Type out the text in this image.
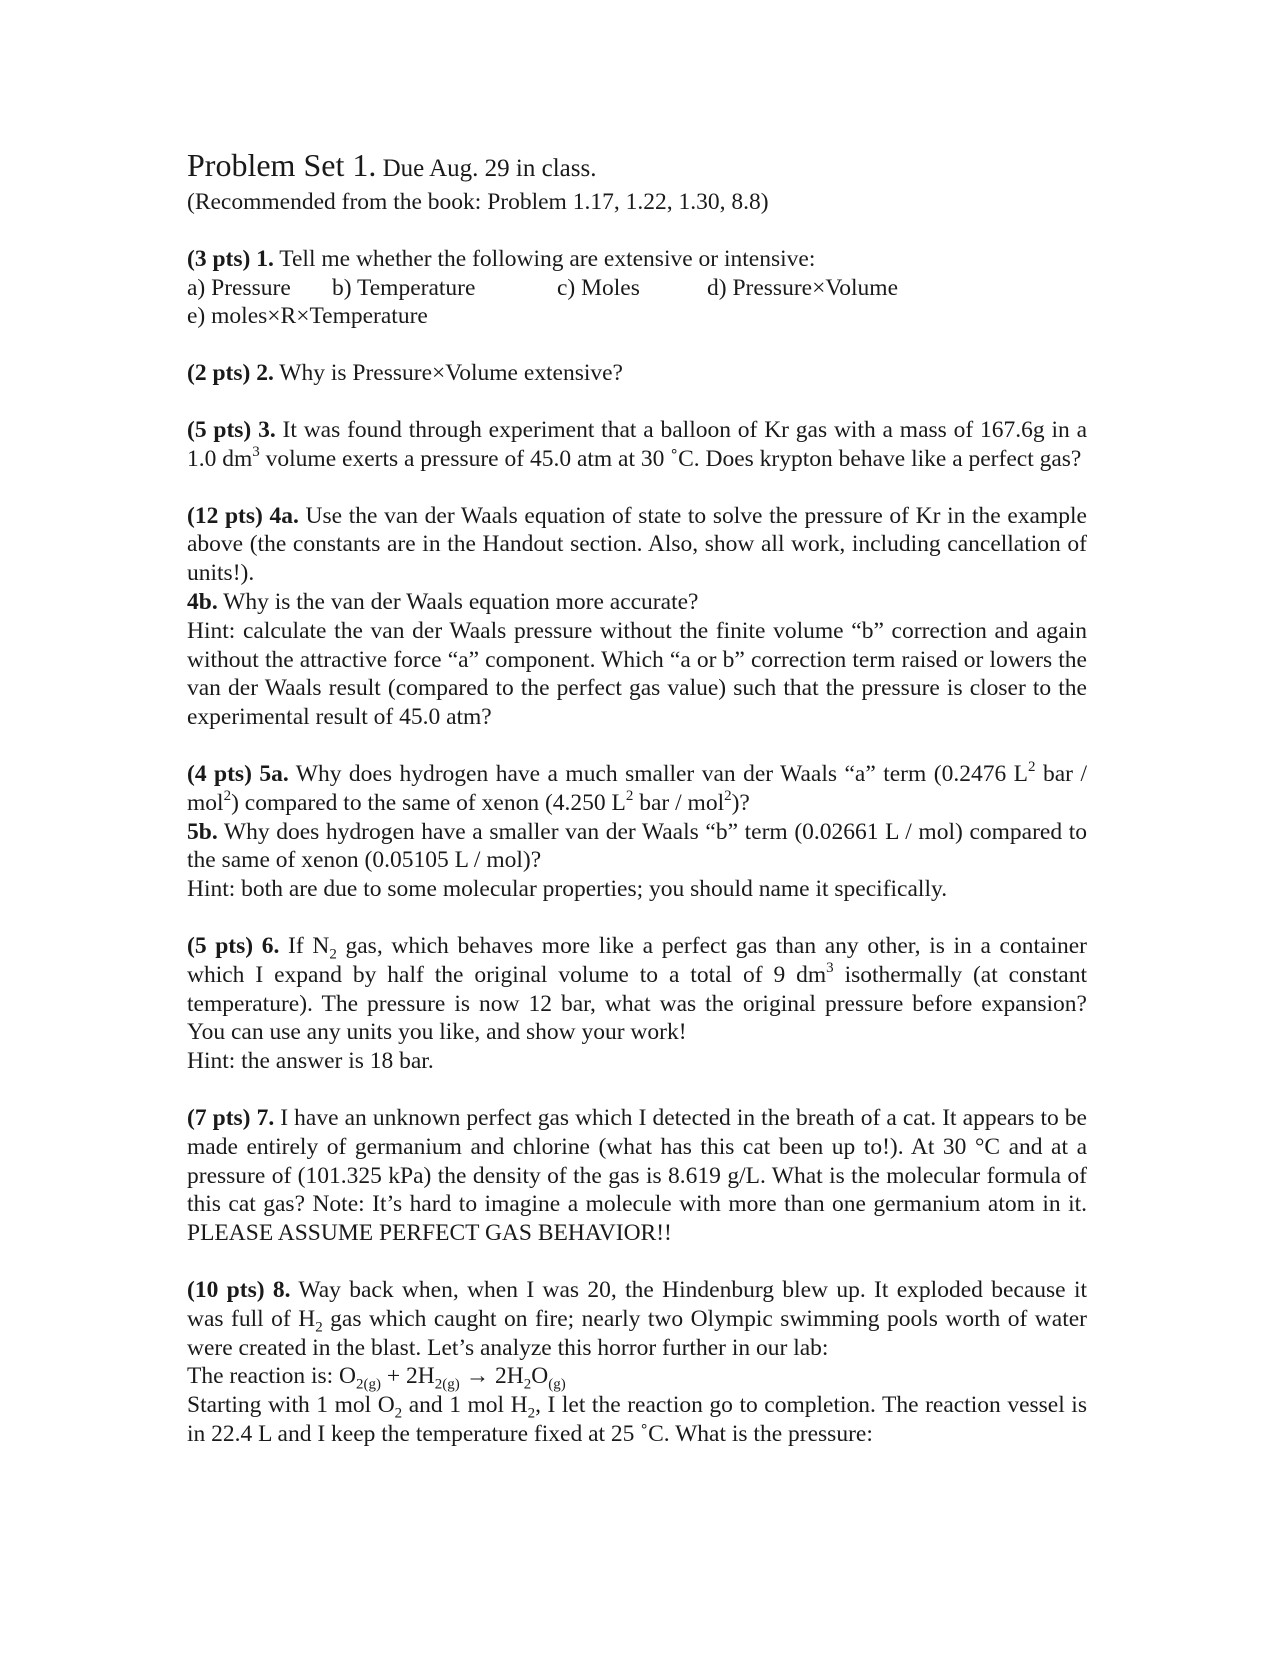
Problem Set 1. Due Aug. 29 in class.

(Recommended from the book: Problem 1.17, 1.22, 1.30, 8.8)

(3 pts) 1. Tell me whether the following are extensive or intensive:

a) Pressure	b) Temperature	c) Moles	d) Pressure×Volume
e) moles×R×Temperature

(2 pts) 2. Why is Pressure×Volume extensive?

(5 pts) 3. It was found through experiment that a balloon of Kr gas with a mass of 167.6g in a 1.0 $dm^3$ volume exerts a pressure of 45.0 atm at 30 ˚C. Does krypton behave like a perfect gas?

(12 pts) 4a. Use the van der Waals equation of state to solve the pressure of Kr in the example above (the constants are in the Handout section. Also, show all work, including cancellation of units!).

4b. Why is the van der Waals equation more accurate?

Hint: calculate the van der Waals pressure without the finite volume “b” correction and again without the attractive force “a” component. Which “a or b” correction term raised or lowers the van der Waals result (compared to the perfect gas value) such that the pressure is closer to the experimental result of 45.0 atm?

(4 pts) 5a. Why does hydrogen have a much smaller van der Waals “a” term (0.2476 $L^2$ bar / mol$^2$) compared to the same of xenon (4.250 $L^2$ bar / mol$^2$)?

5b. Why does hydrogen have a smaller van der Waals “b” term (0.02661 L / mol) compared to the same of xenon (0.05105 L / mol)?

Hint: both are due to some molecular properties; you should name it specifically.

(5 pts) 6. If $N_2$ gas, which behaves more like a perfect gas than any other, is in a container which I expand by half the original volume to a total of 9 $dm^3$ isothermally (at constant temperature). The pressure is now 12 bar, what was the original pressure before expansion? You can use any units you like, and show your work!

Hint: the answer is 18 bar.

(7 pts) 7. I have an unknown perfect gas which I detected in the breath of a cat. It appears to be made entirely of germanium and chlorine (what has this cat been up to!). At 30 °C and at a pressure of (101.325 kPa) the density of the gas is 8.619 g/L. What is the molecular formula of this cat gas? Note: It’s hard to imagine a molecule with more than one germanium atom in it. PLEASE ASSUME PERFECT GAS BEHAVIOR!!

(10 pts) 8. Way back when, when I was 20, the Hindenburg blew up. It exploded because it was full of $H_2$ gas which caught on fire; nearly two Olympic swimming pools worth of water were created in the blast. Let’s analyze this horror further in our lab:

The reaction is: $O_{2(g)} + 2H_{2(g)} \to 2H_2O_{(g)}$

Starting with 1 mol $O_2$ and 1 mol $H_2$, I let the reaction go to completion. The reaction vessel is in 22.4 L and I keep the temperature fixed at 25 ˚C. What is the pressure:
